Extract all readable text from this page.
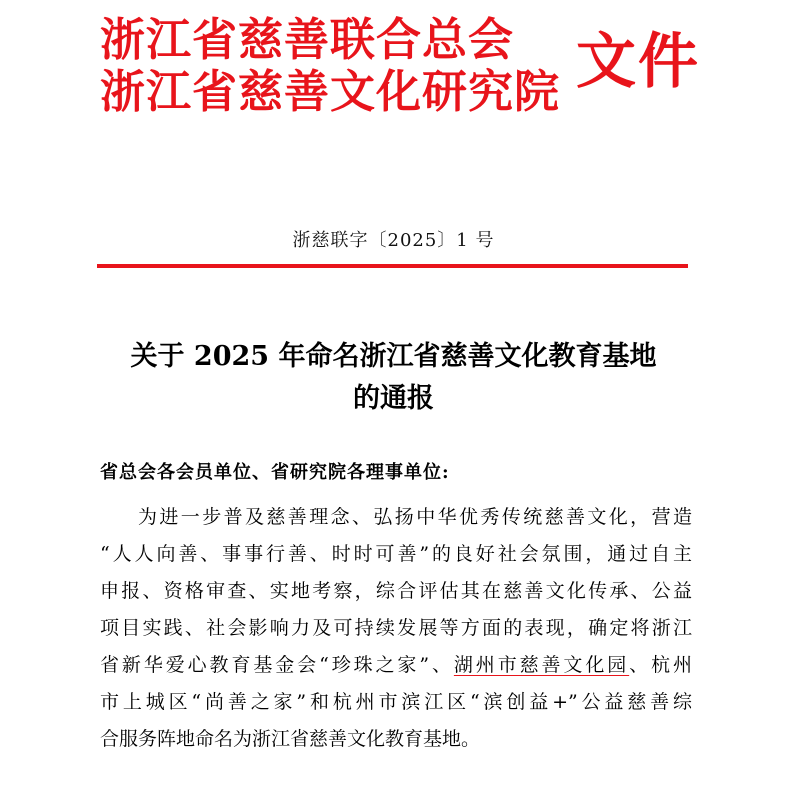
浙江省慈善联合总会
浙江省慈善文化研究院 文件
浙慈联字〔2025〕1 号
关于 2025 年命名浙江省慈善文化教育基地
的通报
省总会各会员单位、省研究院各理事单位:
为进一步普及慈善理念、弘扬中华优秀传统慈善文化，营造
“人人向善、事事行善、时时可善”的良好社会氛围，通过自主
申报、资格审查、实地考察，综合评估其在慈善文化传承、公益
项目实践、社会影响力及可持续发展等方面的表现，确定将浙江
省新华爱心教育基金会“珍珠之家”、湖州市慈善文化园、杭州
市上城区“尚善之家”和杭州市滨江区“滨创益+”公益慈善综
合服务阵地命名为浙江省慈善文化教育基地。
